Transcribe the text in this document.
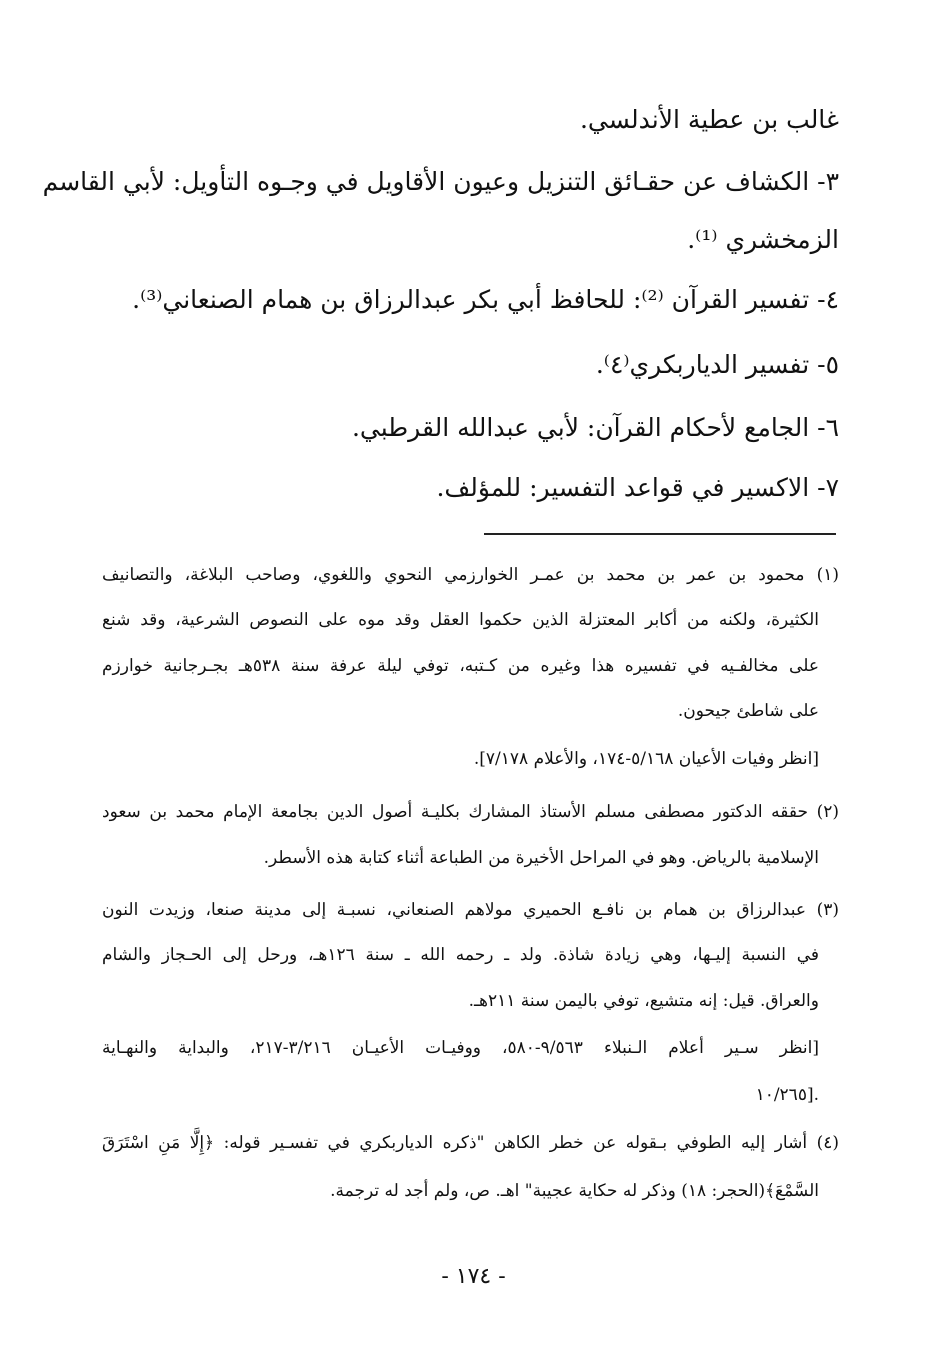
غالب بن عطية الأندلسي.
٣- الكشاف عن حقـائق التنزيل وعيون الأقاويل في وجـوه التأويل: لأبي القاسم
الزمخشري ⁽¹⁾.
٤- تفسير القرآن ⁽²⁾: للحافظ أبي بكر عبدالرزاق بن همام الصنعاني⁽³⁾.
٥- تفسير الدياربكري⁽٤⁾.
٦- الجامع لأحكام القرآن: لأبي عبدالله القرطبي.
٧- الاكسير في قواعد التفسير: للمؤلف.
(١) محمود بن عمر بن محمد بن عمـر الخوارزمي النحوي واللغوي، وصاحب البلاغة، والتصانيف
الكثيرة، ولكنه من أكابر المعتزلة الذين حكموا العقل وقد موه على النصوص الشرعية، وقد شنع
على مخالفـيه في تفسيره هذا وغيره من كـتبه، توفي ليلة عرفة سنة ٥٣٨هـ بجـرجانية خوارزم
على شاطئ جيحون.
[انظر وفيات الأعيان ٥/١٦٨-١٧٤، والأعلام ٧/١٧٨].
(٢) حققه الدكتور مصطفى مسلم الأستاذ المشارك بكليـة أصول الدين بجامعة الإمام محمد بن سعود
الإسلامية بالرياض. وهو في المراحل الأخيرة من الطباعة أثناء كتابة هذه الأسطر.
(٣) عبدالرزاق بن همام بن نافـع الحميري مولاهم الصنعاني، نسبـة إلى مدينة صنعا، وزيدت النون
في النسبة إليـها، وهي زيادة شاذة. ولد ـ رحمه الله ـ سنة ١٢٦هـ، ورحل إلى الحـجاز والشام
والعراق. قيل: إنه متشيع، توفي باليمن سنة ٢١١هـ.
[انظر سـير أعلام الـنبلاء ٩/٥٦٣-٥٨٠، ووفيـات الأعيـان ٣/٢١٦-٢١٧، والبداية والنهـاية
١٠/٢٦٥].
(٤) أشار إليه الطوفي بـقوله عن خطر الكاهن "ذكره الدياربكري في تفسـير قوله: ﴿إِلَّا مَنِ اسْتَرَقَ
السَّمْعَ﴾(الحجر: ١٨) وذكر له حكاية عجيبة" اهـ. ص، ولم أجد له ترجمة.
- ١٧٤ -
